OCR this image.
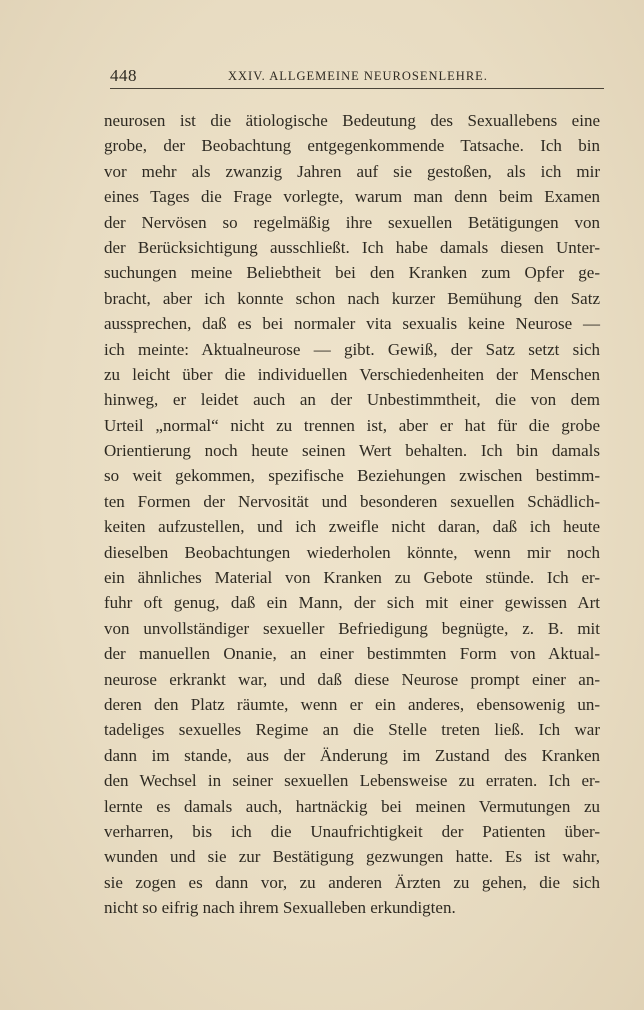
448	XXIV. ALLGEMEINE NEUROSENLEHRE.
neurosen ist die ätiologische Bedeutung des Sexuallebens eine
grobe, der Beobachtung entgegenkommende Tatsache. Ich bin
vor mehr als zwanzig Jahren auf sie gestoßen, als ich mir
eines Tages die Frage vorlegte, warum man denn beim Examen
der Nervösen so regelmäßig ihre sexuellen Betätigungen von
der Berücksichtigung ausschließt. Ich habe damals diesen Unter-
suchungen meine Beliebtheit bei den Kranken zum Opfer ge-
bracht, aber ich konnte schon nach kurzer Bemühung den Satz
aussprechen, daß es bei normaler vita sexualis keine Neurose —
ich meinte: Aktualneurose — gibt. Gewiß, der Satz setzt sich
zu leicht über die individuellen Verschiedenheiten der Menschen
hinweg, er leidet auch an der Unbestimmtheit, die von dem
Urteil „normal“ nicht zu trennen ist, aber er hat für die grobe
Orientierung noch heute seinen Wert behalten. Ich bin damals
so weit gekommen, spezifische Beziehungen zwischen bestimm-
ten Formen der Nervosität und besonderen sexuellen Schädlich-
keiten aufzustellen, und ich zweifle nicht daran, daß ich heute
dieselben Beobachtungen wiederholen könnte, wenn mir noch
ein ähnliches Material von Kranken zu Gebote stünde. Ich er-
fuhr oft genug, daß ein Mann, der sich mit einer gewissen Art
von unvollständiger sexueller Befriedigung begnügte, z. B. mit
der manuellen Onanie, an einer bestimmten Form von Aktual-
neurose erkrankt war, und daß diese Neurose prompt einer an-
deren den Platz räumte, wenn er ein anderes, ebensowenig un-
tadeliges sexuelles Regime an die Stelle treten ließ. Ich war
dann im stande, aus der Änderung im Zustand des Kranken
den Wechsel in seiner sexuellen Lebensweise zu erraten. Ich er-
lernte es damals auch, hartnäckig bei meinen Vermutungen zu
verharren, bis ich die Unaufrichtigkeit der Patienten über-
wunden und sie zur Bestätigung gezwungen hatte. Es ist wahr,
sie zogen es dann vor, zu anderen Ärzten zu gehen, die sich
nicht so eifrig nach ihrem Sexualleben erkundigten.
